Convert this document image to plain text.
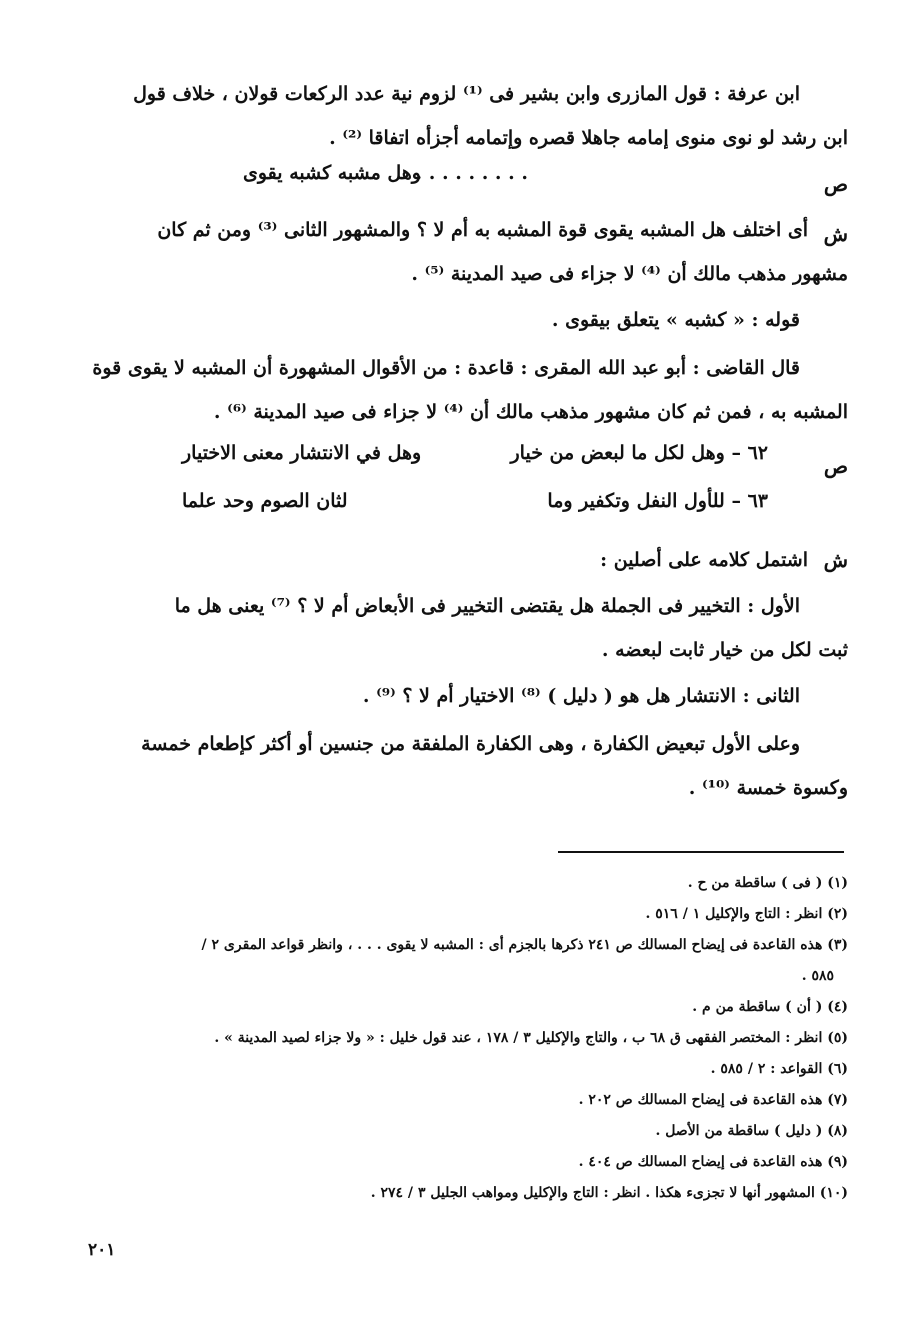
ابن عرفة : قول المازرى وابن بشير فى ⁽¹⁾ لزوم نية عدد الركعات قولان ، خلاف قول
ابن رشد لو نوى منوى إمامه جاهلا قصره وإتمامه أجزأه اتفاقا ⁽²⁾ .
ص
. . . . . . . . .
وهل مشبه كشبه يقوى
ش
أى اختلف هل المشبه يقوى قوة المشبه به أم لا ؟ والمشهور الثانى ⁽³⁾ ومن ثم كان
مشهور مذهب مالك أن ⁽⁴⁾ لا جزاء فى صيد المدينة ⁽⁵⁾ .
قوله : « كشبه » يتعلق بيقوى .
قال القاضى : أبو عبد الله المقرى : قاعدة : من الأقوال المشهورة أن المشبه لا يقوى قوة
المشبه به ، فمن ثم كان مشهور مذهب مالك أن ⁽⁴⁾ لا جزاء فى صيد المدينة ⁽⁶⁾ .
ص
٦٢ – وهل لكل ما لبعض من خيار
وهل في الانتشار معنى الاختيار
٦٣ – للأول النفل وتكفير وما
لثان الصوم وحد علما
ش
اشتمل كلامه على أصلين :
الأول : التخيير فى الجملة هل يقتضى التخيير فى الأبعاض أم لا ؟ ⁽⁷⁾ يعنى هل ما
ثبت لكل من خيار ثابت لبعضه .
الثانى : الانتشار هل هو ( دليل ) ⁽⁸⁾ الاختيار أم لا ؟ ⁽⁹⁾ .
وعلى الأول تبعيض الكفارة ، وهى الكفارة الملفقة من جنسين أو أكثر كإطعام خمسة
وكسوة خمسة ⁽¹⁰⁾ .
(١) ( فى ) ساقطة من ح .
(٢) انظر : التاج والإكليل ١ / ٥١٦ .
(٣) هذه القاعدة فى إيضاح المسالك ص ٢٤١ ذكرها بالجزم أى : المشبه لا يقوى . . . ، وانظر قواعد المقرى ٢ /
٥٨٥ .
(٤) ( أن ) ساقطة من م .
(٥) انظر : المختصر الفقهى ق ٦٨ ب ، والتاج والإكليل ٣ / ١٧٨ ، عند قول خليل : « ولا جزاء لصيد المدينة » .
(٦) القواعد : ٢ / ٥٨٥ .
(٧) هذه القاعدة فى إيضاح المسالك ص ٢٠٢ .
(٨) ( دليل ) ساقطة من الأصل .
(٩) هذه القاعدة فى إيضاح المسالك ص ٤٠٤ .
(١٠) المشهور أنها لا تجزىء هكذا . انظر : التاج والإكليل ومواهب الجليل ٣ / ٢٧٤ .
٢٠١
